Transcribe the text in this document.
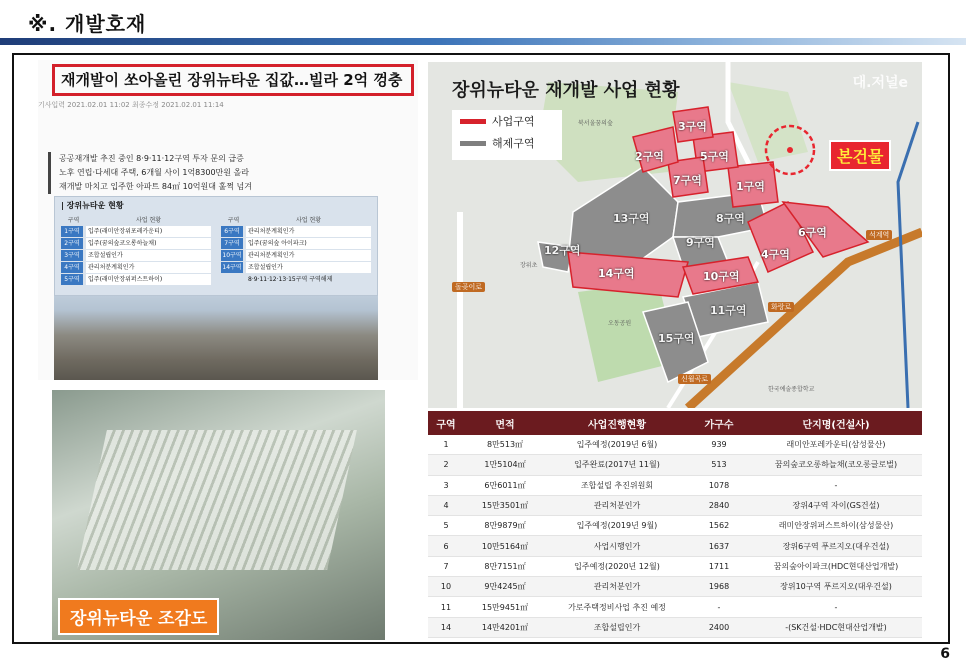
※. 개발호재
재개발이 쏘아올린 장위뉴타운 집값…빌라 2억 껑충
기사입력 2021.02.01 11:02 최종수정 2021.02.01 11:14
공공재개발 추진 중인 8·9·11·12구역 투자 문의 급증
노후 연립·다세대 주택, 6개월 사이 1억8300만원 올라
재개발 마치고 입주한 아파트 84㎡ 10억원대 훌쩍 넘겨
| 장위뉴타운 현황
구역	사업 현황
1구역	입주(래미안장위포레카운티)
2구역	입주(꿈의숲코오롱하늘채)
3구역	조합설립인가
4구역	관리처분계획인가
5구역	입주(래미안장위퍼스트하이)
구역	사업 현황
6구역	관리처분계획인가
7구역	입주(꿈의숲 아이파크)
10구역	관리처분계획인가
14구역	조합설립인가
8·9·11·12·13·15구역 구역해제
장위뉴타운 조감도
장위뉴타운 재개발 사업 현황	대.저널e
사업구역
해제구역
본건물
3구역
2구역	5구역
7구역	1구역
13구역	8구역
9구역
6구역
4구역
12구역
14구역	10구역
11구역
15구역
석계역
화랑로
신월곡로
돌곶이로
북서울꿈의숲
오동공원
장위초
한국예술종합학교
구역	면적	사업진행현황	가구수	단지명(건설사)
1	8만513㎡	입주예정(2019년 6월)	939	래미안포레카운티(삼성물산)
2	1만5104㎡	입주완료(2017년 11월)	513	꿈의숲코오롱하늘채(코오롱글로벌)
3	6만6011㎡	조합설립 추진위원회	1078	-
4	15만3501㎡	관리처분인가	2840	장위4구역 자이(GS건설)
5	8만9879㎡	입주예정(2019년 9월)	1562	래미안장위퍼스트하이(삼성물산)
6	10만5164㎡	사업시행인가	1637	장위6구역 푸르지오(대우건설)
7	8만7151㎡	입주예정(2020년 12월)	1711	꿈의숲아이파크(HDC현대산업개발)
10	9만4245㎡	관리처분인가	1968	장위10구역 푸르지오(대우건설)
11	15만9451㎡	가로주택정비사업 추진 예정	-	-
14	14만4201㎡	조합설립인가	2400	-(SK건설·HDC현대산업개발)
6
